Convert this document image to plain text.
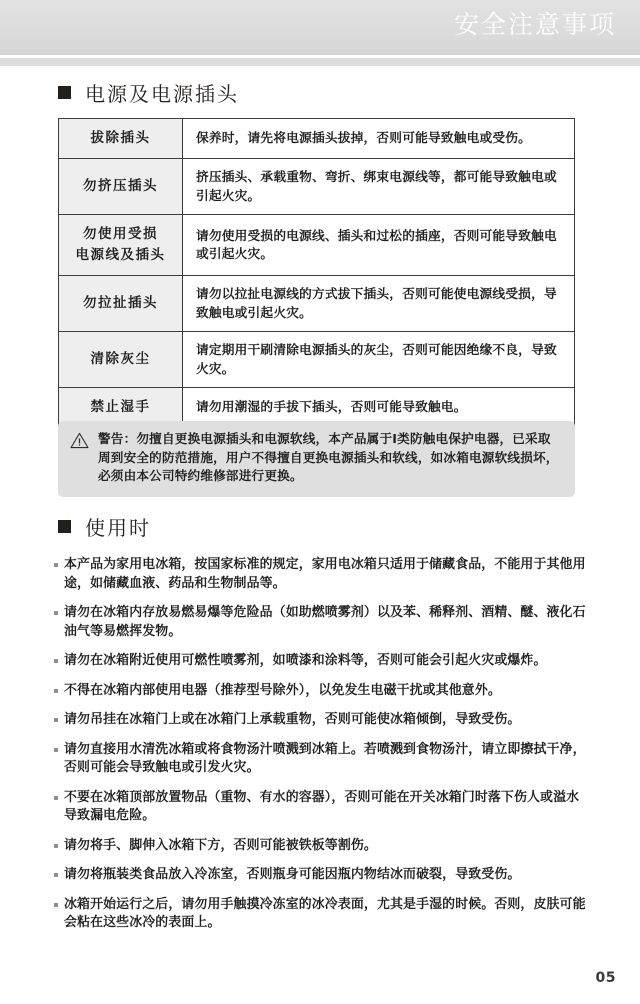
安全注意事项
电源及电源插头
拔除插头	保养时，请先将电源插头拔掉，否则可能导致触电或受伤。
勿挤压插头	挤压插头、承载重物、弯折、绑束电源线等，都可能导致触电或引起火灾。
勿使用受损
电源线及插头	请勿使用受损的电源线、插头和过松的插座，否则可能导致触电或引起火灾。
勿拉扯插头	请勿以拉扯电源线的方式拔下插头，否则可能使电源线受损，导致触电或引起火灾。
清除灰尘	请定期用干刷清除电源插头的灰尘，否则可能因绝缘不良，导致火灾。
禁止湿手	请勿用潮湿的手拔下插头，否则可能导致触电。
警告：勿擅自更换电源插头和电源软线，本产品属于I类防触电保护电器，已采取周到安全的防范措施，用户不得擅自更换电源插头和软线，如冰箱电源软线损坏，必须由本公司特约维修部进行更换。
使用时
本产品为家用电冰箱，按国家标准的规定，家用电冰箱只适用于储藏食品，不能用于其他用途，如储藏血液、药品和生物制品等。
请勿在冰箱内存放易燃易爆等危险品（如助燃喷雾剂）以及苯、稀释剂、酒精、醚、液化石油气等易燃挥发物。
请勿在冰箱附近使用可燃性喷雾剂，如喷漆和涂料等，否则可能会引起火灾或爆炸。
不得在冰箱内部使用电器（推荐型号除外），以免发生电磁干扰或其他意外。
请勿吊挂在冰箱门上或在冰箱门上承载重物，否则可能使冰箱倾倒，导致受伤。
请勿直接用水清洗冰箱或将食物汤汁喷溅到冰箱上。若喷溅到食物汤汁，请立即擦拭干净，否则可能会导致触电或引发火灾。
不要在冰箱顶部放置物品（重物、有水的容器），否则可能在开关冰箱门时落下伤人或溢水导致漏电危险。
请勿将手、脚伸入冰箱下方，否则可能被铁板等割伤。
请勿将瓶装类食品放入冷冻室，否则瓶身可能因瓶内物结冰而破裂，导致受伤。
冰箱开始运行之后，请勿用手触摸冷冻室的冰冷表面，尤其是手湿的时候。否则，皮肤可能会粘在这些冰冷的表面上。
05
